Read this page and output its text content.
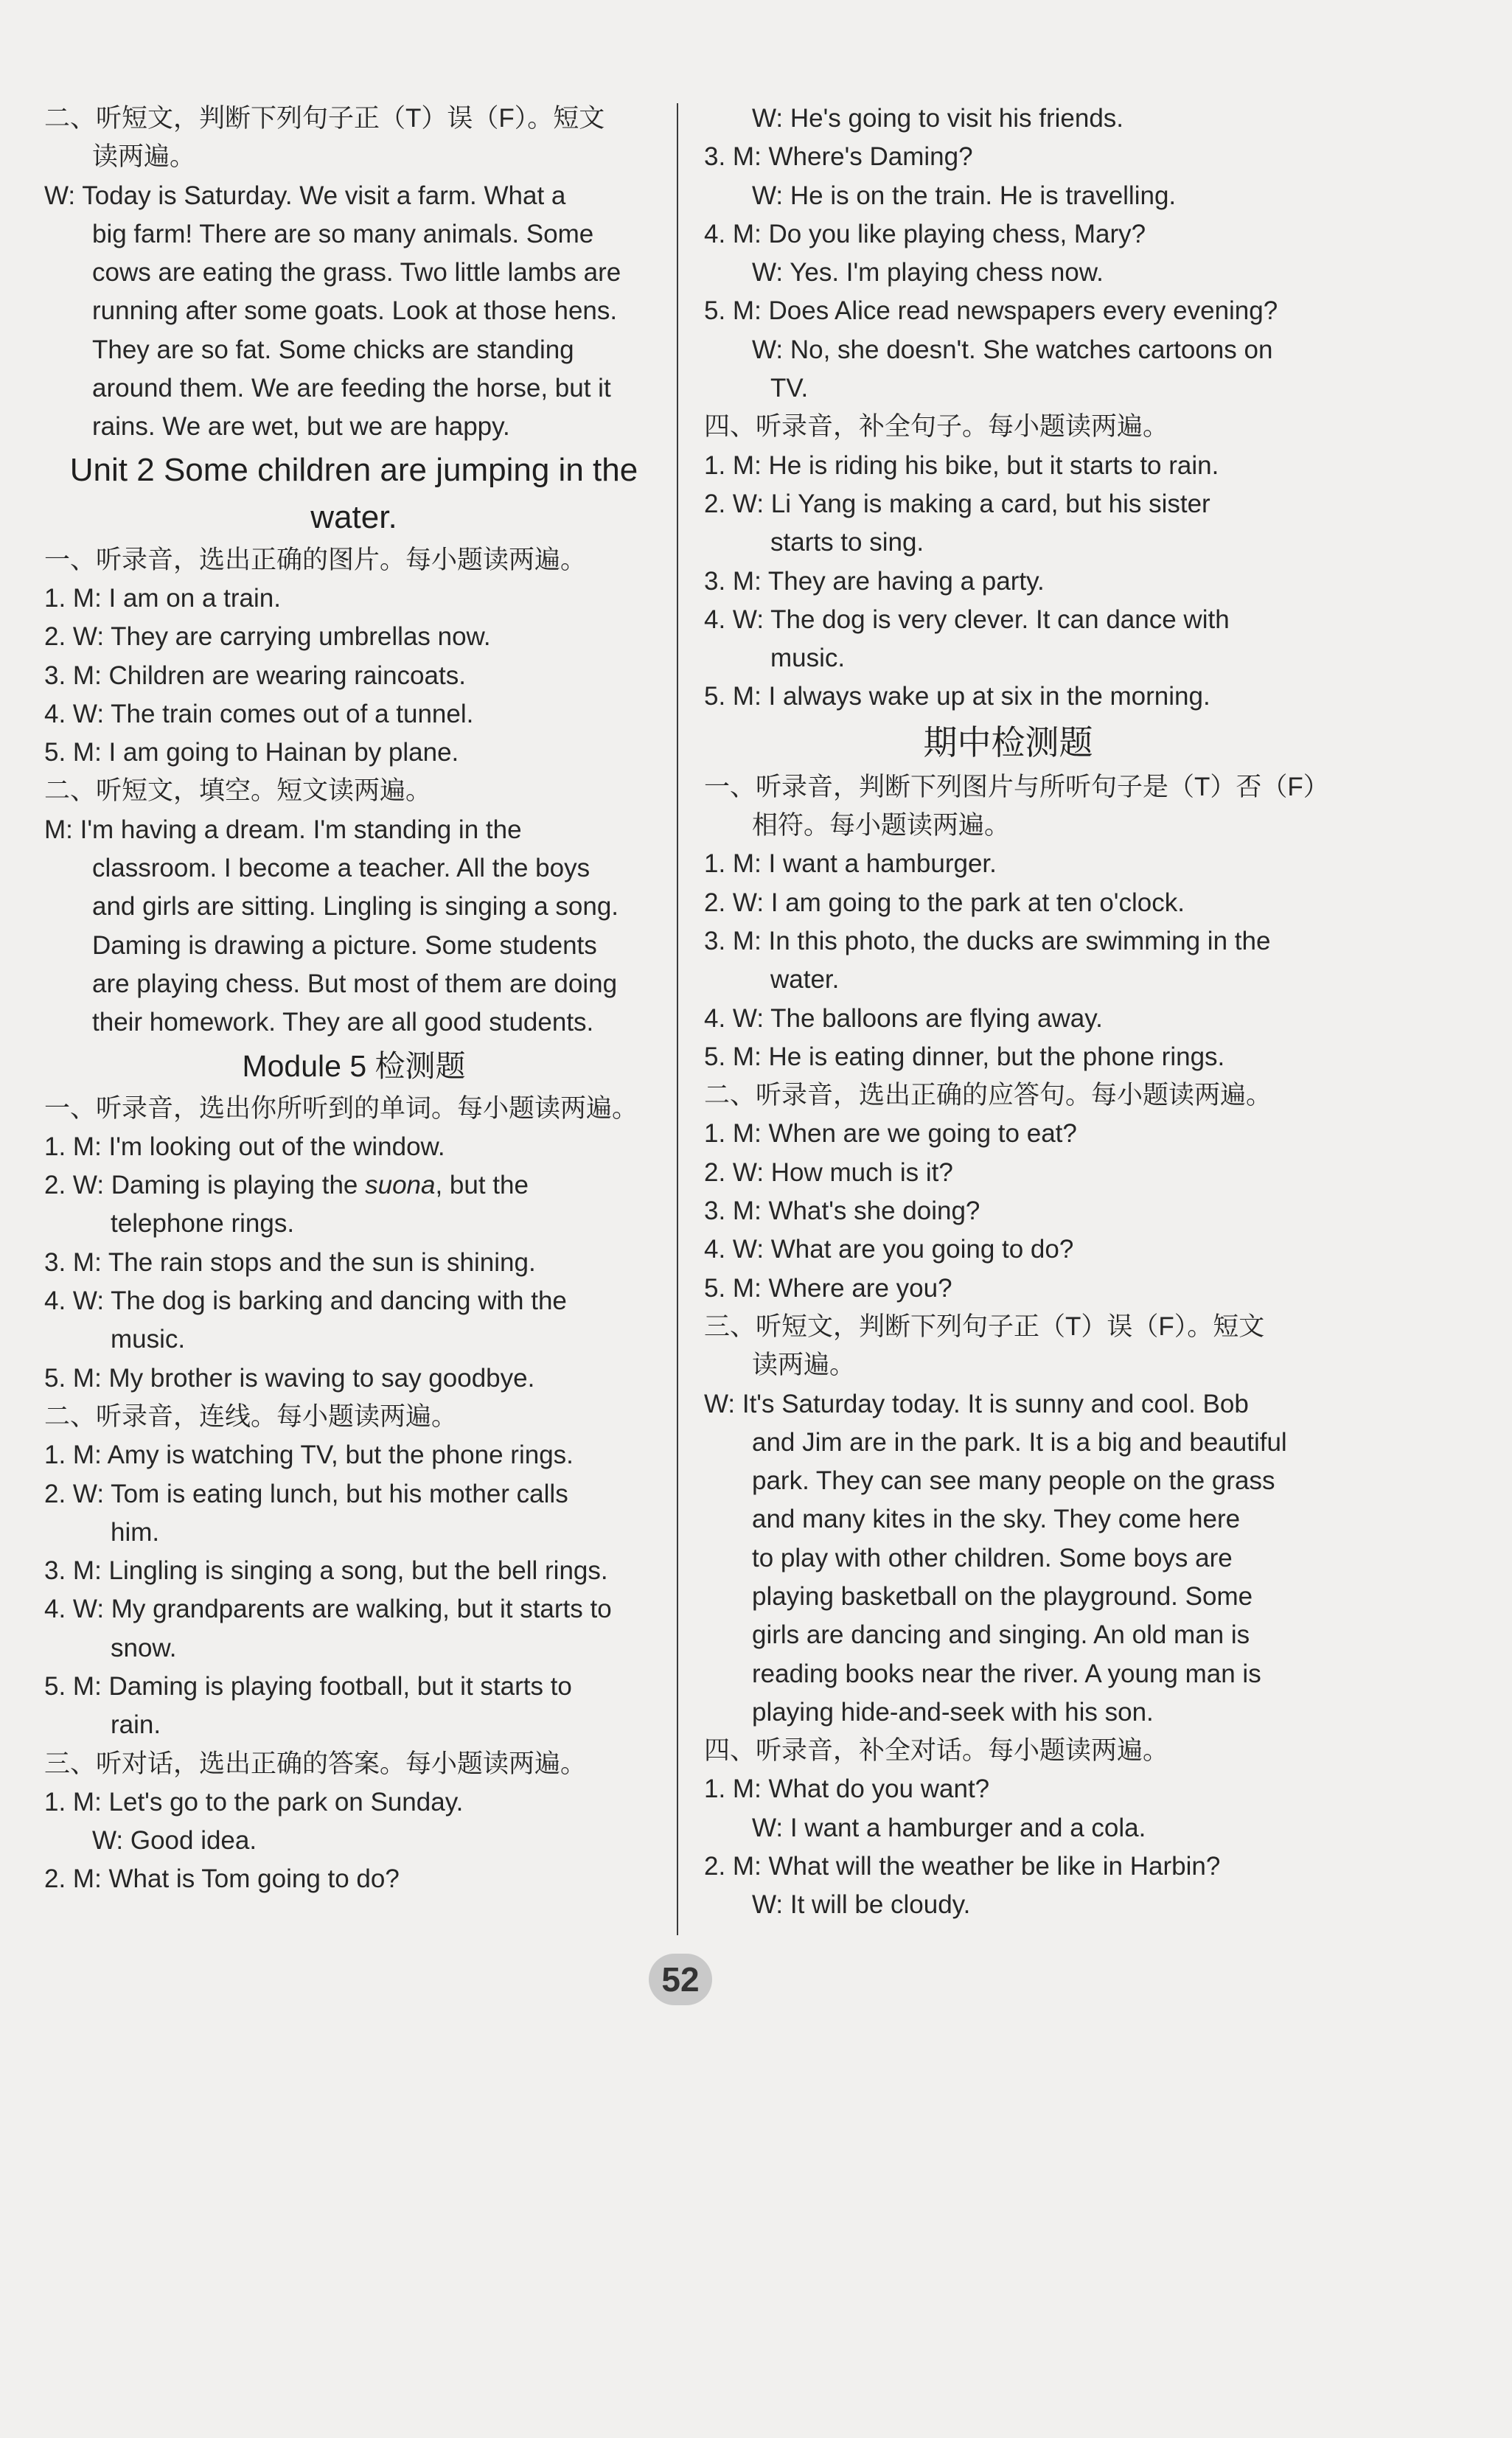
二、听短文，判断下列句子正（T）误（F）。短文
读两遍。
W: Today is Saturday. We visit a farm. What a
big farm! There are so many animals. Some
cows are eating the grass. Two little lambs are
running after some goats. Look at those hens.
They are so fat. Some chicks are standing
around them. We are feeding the horse, but it
rains. We are wet, but we are happy.
Unit 2 Some children are jumping in the
water.
一、听录音，选出正确的图片。每小题读两遍。
1. M: I am on a train.
2. W: They are carrying umbrellas now.
3. M: Children are wearing raincoats.
4. W: The train comes out of a tunnel.
5. M: I am going to Hainan by plane.
二、听短文，填空。短文读两遍。
M: I'm having a dream. I'm standing in the
classroom. I become a teacher. All the boys
and girls are sitting. Lingling is singing a song.
Daming is drawing a picture. Some students
are playing chess. But most of them are doing
their homework. They are all good students.
Module 5 检测题
一、听录音，选出你所听到的单词。每小题读两遍。
1. M: I'm looking out of the window.
2. W: Daming is playing the suona, but the
telephone rings.
3. M: The rain stops and the sun is shining.
4. W: The dog is barking and dancing with the
music.
5. M: My brother is waving to say goodbye.
二、听录音，连线。每小题读两遍。
1. M: Amy is watching TV, but the phone rings.
2. W: Tom is eating lunch, but his mother calls
him.
3. M: Lingling is singing a song, but the bell rings.
4. W: My grandparents are walking, but it starts to
snow.
5. M: Daming is playing football, but it starts to
rain.
三、听对话，选出正确的答案。每小题读两遍。
1. M: Let's go to the park on Sunday.
W: Good idea.
2. M: What is Tom going to do?
W: He's going to visit his friends.
3. M: Where's Daming?
W: He is on the train. He is travelling.
4. M: Do you like playing chess, Mary?
W: Yes. I'm playing chess now.
5. M: Does Alice read newspapers every evening?
W: No, she doesn't. She watches cartoons on
TV.
四、听录音，补全句子。每小题读两遍。
1. M: He is riding his bike, but it starts to rain.
2. W: Li Yang is making a card, but his sister
starts to sing.
3. M: They are having a party.
4. W: The dog is very clever. It can dance with
music.
5. M: I always wake up at six in the morning.
期中检测题
一、听录音，判断下列图片与所听句子是（T）否（F）
相符。每小题读两遍。
1. M: I want a hamburger.
2. W: I am going to the park at ten o'clock.
3. M: In this photo, the ducks are swimming in the
water.
4. W: The balloons are flying away.
5. M: He is eating dinner, but the phone rings.
二、听录音，选出正确的应答句。每小题读两遍。
1. M: When are we going to eat?
2. W: How much is it?
3. M: What's she doing?
4. W: What are you going to do?
5. M: Where are you?
三、听短文，判断下列句子正（T）误（F）。短文
读两遍。
W: It's Saturday today. It is sunny and cool. Bob
and Jim are in the park. It is a big and beautiful
park. They can see many people on the grass
and many kites in the sky. They come here
to play with other children. Some boys are
playing basketball on the playground. Some
girls are dancing and singing. An old man is
reading books near the river. A young man is
playing hide-and-seek with his son.
四、听录音，补全对话。每小题读两遍。
1. M: What do you want?
W: I want a hamburger and a cola.
2. M: What will the weather be like in Harbin?
W: It will be cloudy.
52
